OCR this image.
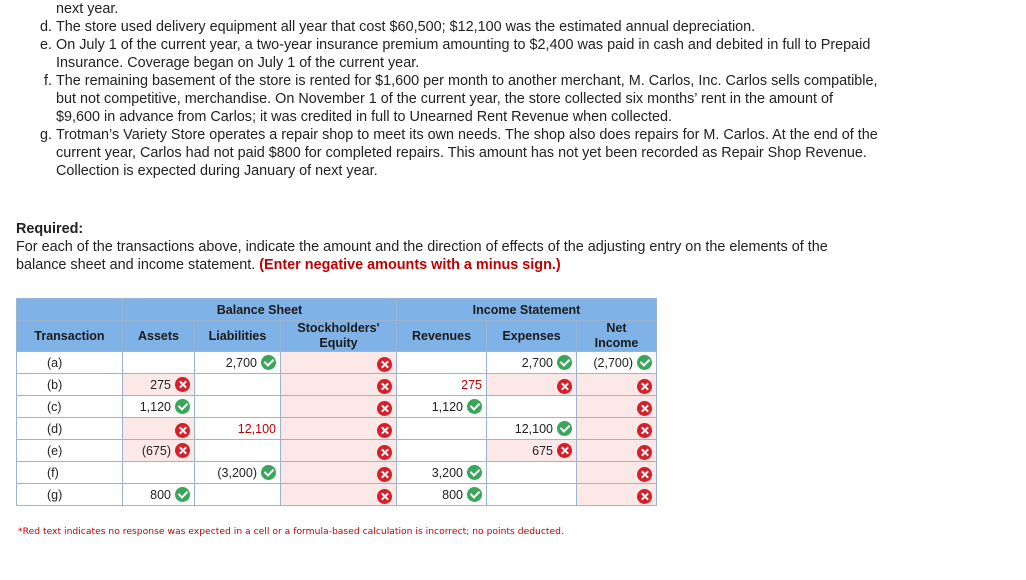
next year.
d. The store used delivery equipment all year that cost $60,500; $12,100 was the estimated annual depreciation.
e. On July 1 of the current year, a two-year insurance premium amounting to $2,400 was paid in cash and debited in full to Prepaid
Insurance. Coverage began on July 1 of the current year.
f. The remaining basement of the store is rented for $1,600 per month to another merchant, M. Carlos, Inc. Carlos sells compatible,
but not competitive, merchandise. On November 1 of the current year, the store collected six months’ rent in the amount of
$9,600 in advance from Carlos; it was credited in full to Unearned Rent Revenue when collected.
g. Trotman’s Variety Store operates a repair shop to meet its own needs. The shop also does repairs for M. Carlos. At the end of the
current year, Carlos had not paid $800 for completed repairs. This amount has not yet been recorded as Repair Shop Revenue.
Collection is expected during January of next year.
Required:
For each of the transactions above, indicate the amount and the direction of effects of the adjusting entry on the elements of the
balance sheet and income statement. (Enter negative amounts with a minus sign.)
	Balance Sheet			Income Statement		
Transaction	Assets	Liabilities	Stockholders'
Equity	Revenues	Expenses	Net
Income
(a)		2,700			2,700	(2,700)

(b)	275			275		

(c)	1,120			1,120		

(d)		12,100			12,100	

(e)	(675)				675	

(f)		(3,200)		3,200		

(g)	800			800		

*Red text indicates no response was expected in a cell or a formula-based calculation is incorrect; no points deducted.
